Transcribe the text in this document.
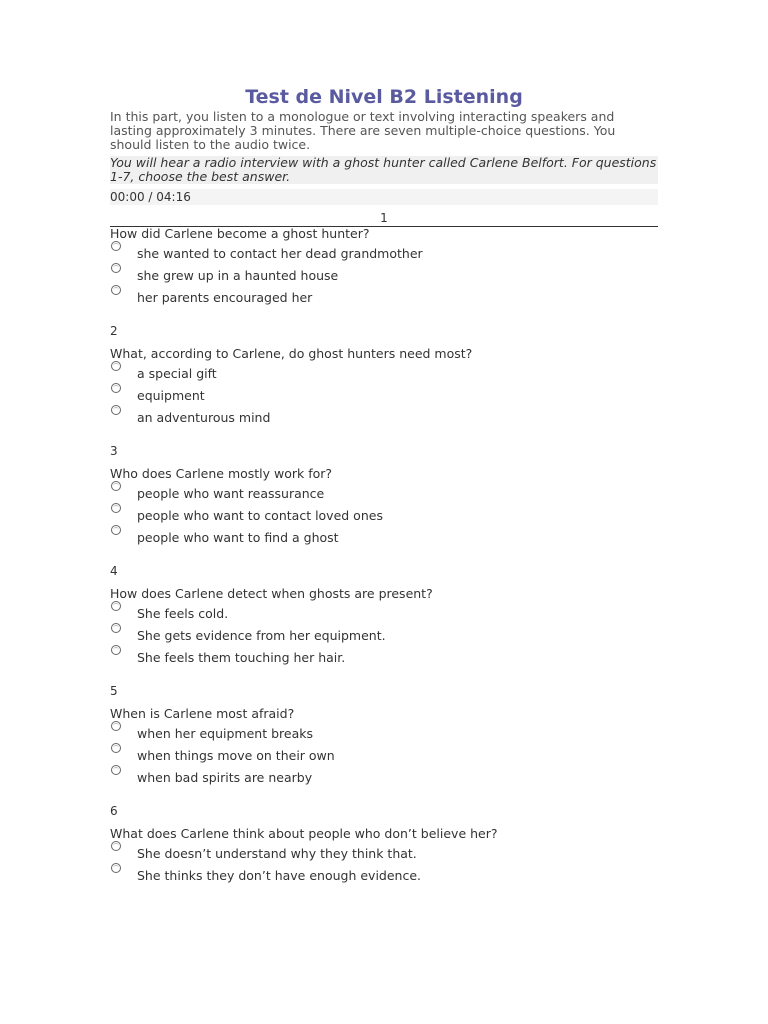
Test de Nivel B2 Listening

In this part, you listen to a monologue or text involving interacting speakers and lasting approximately 3 minutes. There are seven multiple-choice questions. You should listen to the audio twice.

You will hear a radio interview with a ghost hunter called Carlene Belfort. For questions 1-7, choose the best answer.
00:00 / 04:16
1
How did Carlene become a ghost hunter?
she wanted to contact her dead grandmother
she grew up in a haunted house
her parents encouraged her
2
What, according to Carlene, do ghost hunters need most?
a special gift
equipment
an adventurous mind
3
Who does Carlene mostly work for?
people who want reassurance
people who want to contact loved ones
people who want to find a ghost
4
How does Carlene detect when ghosts are present?
She feels cold.
She gets evidence from her equipment.
She feels them touching her hair.
5
When is Carlene most afraid?
when her equipment breaks
when things move on their own
when bad spirits are nearby
6
What does Carlene think about people who don’t believe her?
She doesn’t understand why they think that.
She thinks they don’t have enough evidence.
